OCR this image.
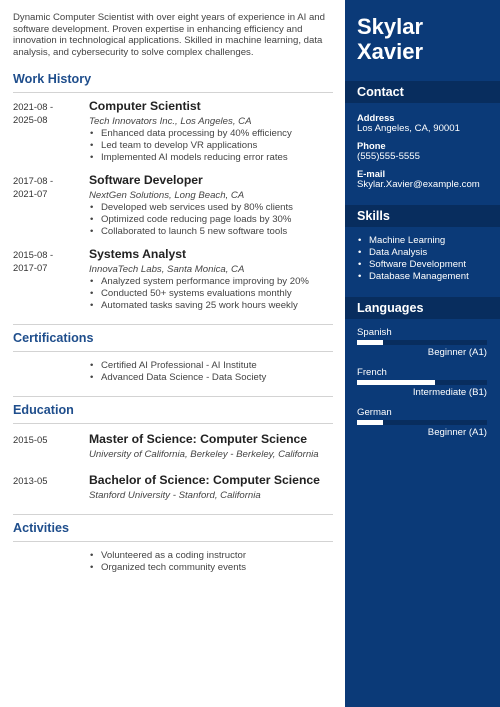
Dynamic Computer Scientist with over eight years of experience in AI and software development. Proven expertise in enhancing efficiency and innovation in technological applications. Skilled in machine learning, data analysis, and cybersecurity to solve complex challenges.

Work History
2021-08 -
2025-08
Computer Scientist
Tech Innovators Inc., Los Angeles, CA
• Enhanced data processing by 40% efficiency
• Led team to develop VR applications
• Implemented AI models reducing error rates
2017-08 -
2021-07
Software Developer
NextGen Solutions, Long Beach, CA
• Developed web services used by 80% clients
• Optimized code reducing page loads by 30%
• Collaborated to launch 5 new software tools
2015-08 -
2017-07
Systems Analyst
InnovaTech Labs, Santa Monica, CA
• Analyzed system performance improving by 20%
• Conducted 50+ systems evaluations monthly
• Automated tasks saving 25 work hours weekly
Certifications
• Certified AI Professional - AI Institute
• Advanced Data Science - Data Society
Education
2015-05	Master of Science: Computer Science
University of California, Berkeley - Berkeley, California
2013-05	Bachelor of Science: Computer Science
Stanford University - Stanford, California
Activities
• Volunteered as a coding instructor
• Organized tech community events
Skylar
Xavier
Contact
Address
Los Angeles, CA, 90001
Phone
(555)555-5555
E-mail
Skylar.Xavier@example.com
Skills
• Machine Learning
• Data Analysis
• Software Development
• Database Management
Languages
Spanish
Beginner (A1)
French
Intermediate (B1)
German
Beginner (A1)
